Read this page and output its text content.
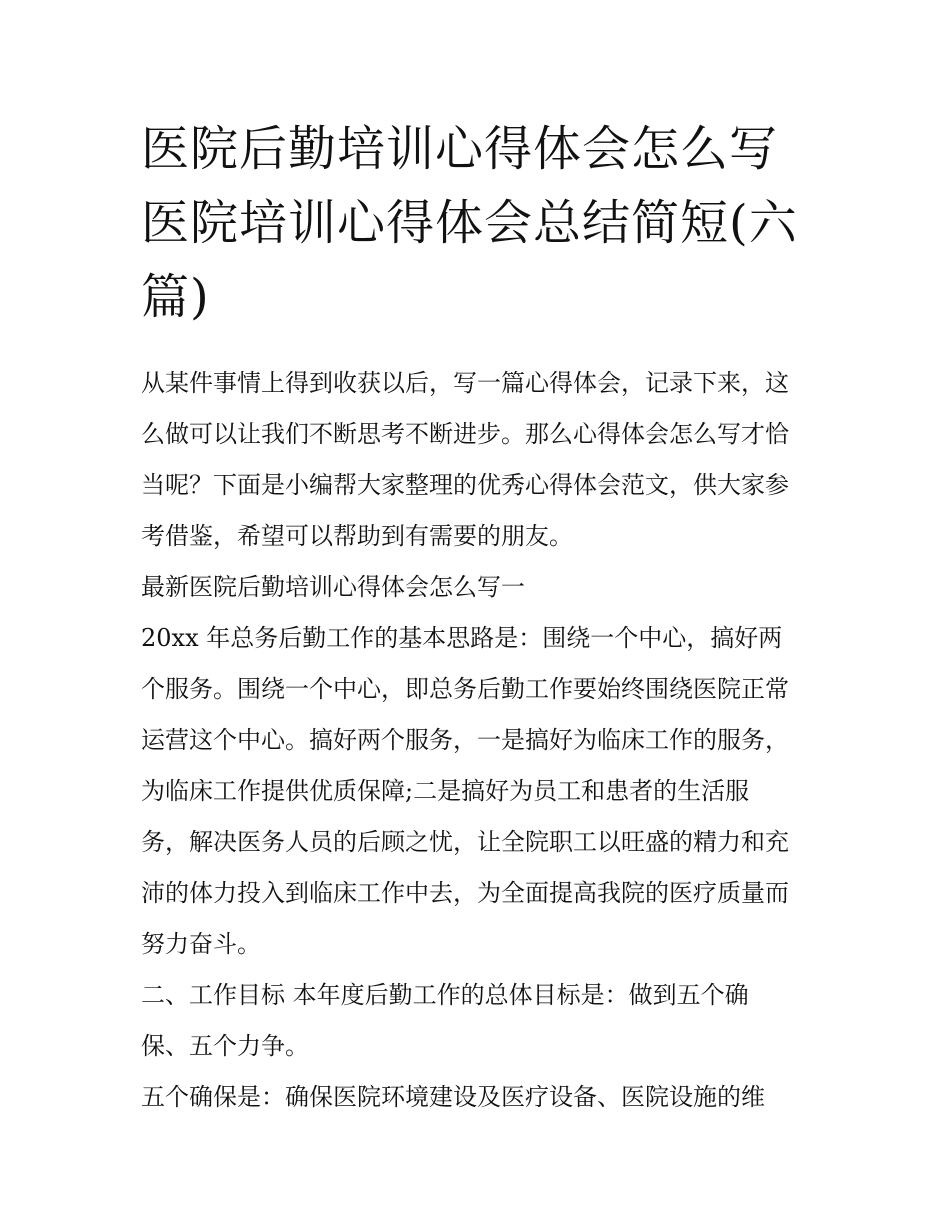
医院后勤培训心得体会怎么写
医院培训心得体会总结简短(六
篇)
从某件事情上得到收获以后，写一篇心得体会，记录下来，这
么做可以让我们不断思考不断进步。那么心得体会怎么写才恰
当呢？下面是小编帮大家整理的优秀心得体会范文，供大家参
考借鉴，希望可以帮助到有需要的朋友。
最新医院后勤培训心得体会怎么写一
20xx 年总务后勤工作的基本思路是：围绕一个中心，搞好两
个服务。围绕一个中心，即总务后勤工作要始终围绕医院正常
运营这个中心。搞好两个服务，一是搞好为临床工作的服务，
为临床工作提供优质保障;二是搞好为员工和患者的生活服
务，解决医务人员的后顾之忧，让全院职工以旺盛的精力和充
沛的体力投入到临床工作中去，为全面提高我院的医疗质量而
努力奋斗。
二、工作目标 本年度后勤工作的总体目标是：做到五个确
保、五个力争。
五个确保是：确保医院环境建设及医疗设备、医院设施的维
